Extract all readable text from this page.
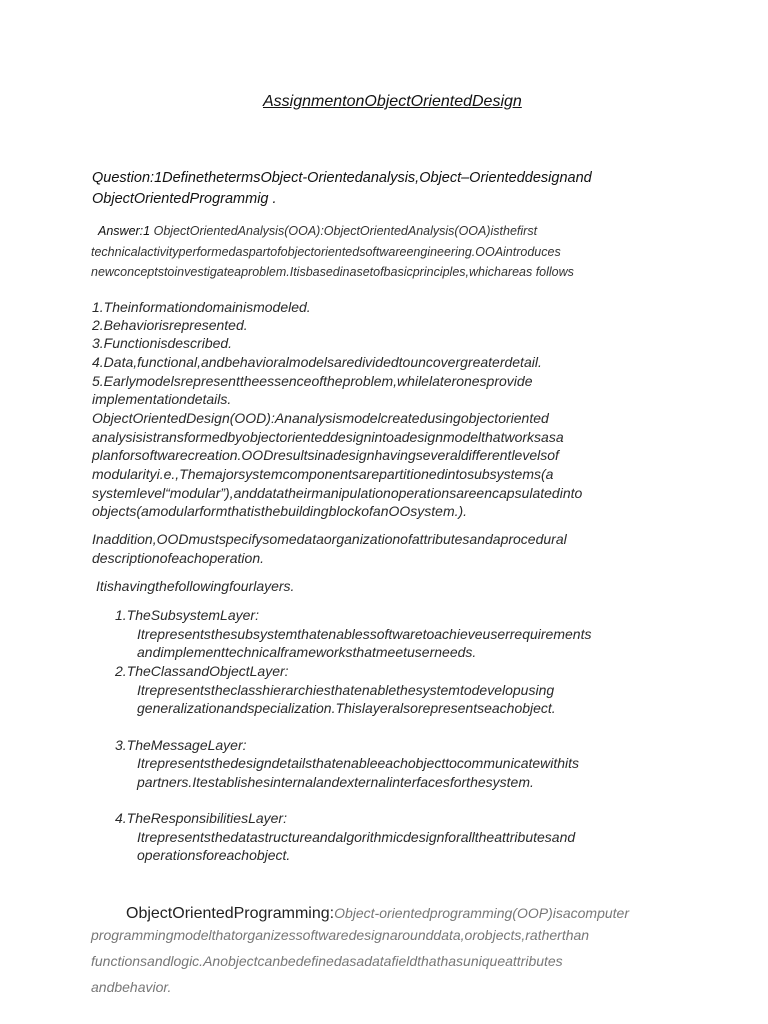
AssignmentonObjectOrientedDesign
Question:1DefinethetermsObject-Orientedanalysis,Object–Orienteddesignand
ObjectOrientedProgrammig .
Answer:1 ObjectOrientedAnalysis(OOA):ObjectOrientedAnalysis(OOA)isthefirst
technicalactivityperformedaspartofobjectorientedsoftwareengineering.OOAintroduces
newconceptstoinvestigateaproblem.Itisbasedinasetofbasicprinciples,whichareas follows
1.Theinformationdomainismodeled.
2.Behaviorisrepresented.
3.Functionisdescribed.
4.Data,functional,andbehavioralmodelsaredividedtouncovergreaterdetail.
5.Earlymodelsrepresenttheessenceoftheproblem,whilelateronesprovide
implementationdetails.
ObjectOrientedDesign(OOD):Ananalysismodelcreatedusingobjectoriented
analysisistransformedbyobjectorienteddesignintoadesignmodelthatworksasa
planforsoftwarecreation.OODresultsinadesignhavingseveraldifferentlevelsof
modularityi.e.,Themajorsystemcomponentsarepartitionedintosubsystems(a
systemlevel“modular”),anddatatheirmanipulationoperationsareencapsulatedinto
objects(amodularformthatisthebuildingblockofanOOsystem.).
Inaddition,OODmustspecifysomedataorganizationofattributesandaprocedural
descriptionofeachoperation.
Itishavingthefollowingfourlayers.
1.TheSubsystemLayer:
Itrepresentsthesubsystemthatenablessoftwaretoachieveuserrequirements
andimplementtechnicalframeworksthatmeetuserneeds.
2.TheClassandObjectLayer:
Itrepresentstheclasshierarchiesthatenablethesystemtodevelopusing
generalizationandspecialization.Thislayeralsorepresentseachobject.
3.TheMessageLayer:
Itrepresentsthedesigndetailsthatenableeachobjecttocommunicatewithits
partners.Itestablishesinternalandexternalinterfacesforthesystem.
4.TheResponsibilitiesLayer:
Itrepresentsthedatastructureandalgorithmicdesignforalltheattributesand
operationsforeachobject.
ObjectOrientedProgramming:Object-orientedprogramming(OOP)isacomputer
programmingmodelthatorganizessoftwaredesignarounddata,orobjects,ratherthan
functionsandlogic.Anobjectcanbedefinedasadatafieldthathasuniqueattributes
andbehavior.
